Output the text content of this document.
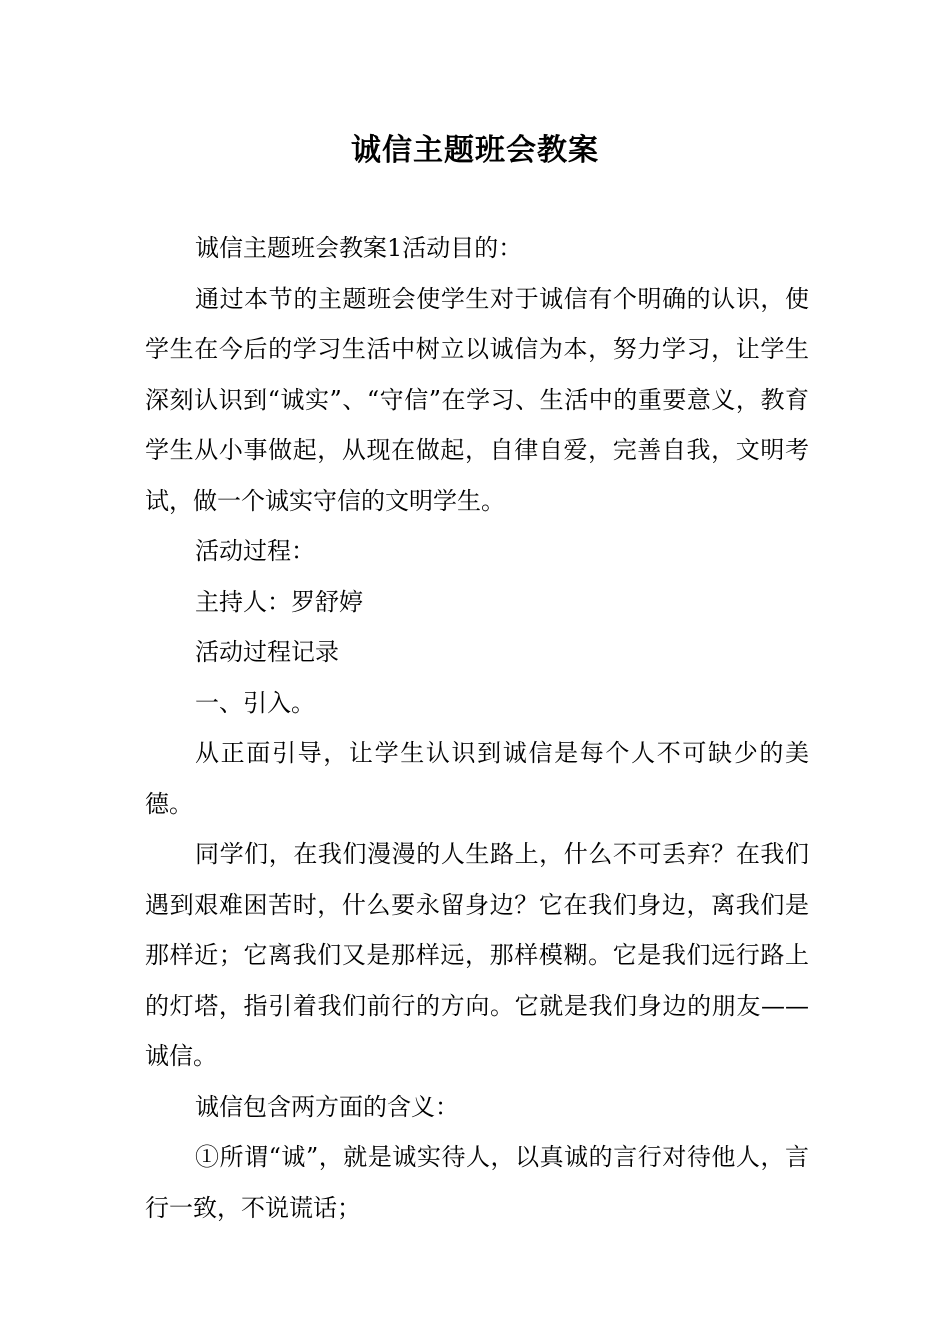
诚信主题班会教案

诚信主题班会教案1活动目的：

通过本节的主题班会使学生对于诚信有个明确的认识，使学生在今后的学习生活中树立以诚信为本，努力学习，让学生深刻认识到“诚实”、“守信”在学习、生活中的重要意义，教育学生从小事做起，从现在做起，自律自爱，完善自我，文明考试，做一个诚实守信的文明学生。

活动过程：

主持人：罗舒婷

活动过程记录

一、引入。

从正面引导，让学生认识到诚信是每个人不可缺少的美德。

同学们，在我们漫漫的人生路上，什么不可丢弃？在我们遇到艰难困苦时，什么要永留身边？它在我们身边，离我们是那样近；它离我们又是那样远，那样模糊。它是我们远行路上的灯塔，指引着我们前行的方向。它就是我们身边的朋友——诚信。

诚信包含两方面的含义：

①所谓“诚”，就是诚实待人，以真诚的言行对待他人，言行一致，不说谎话；
